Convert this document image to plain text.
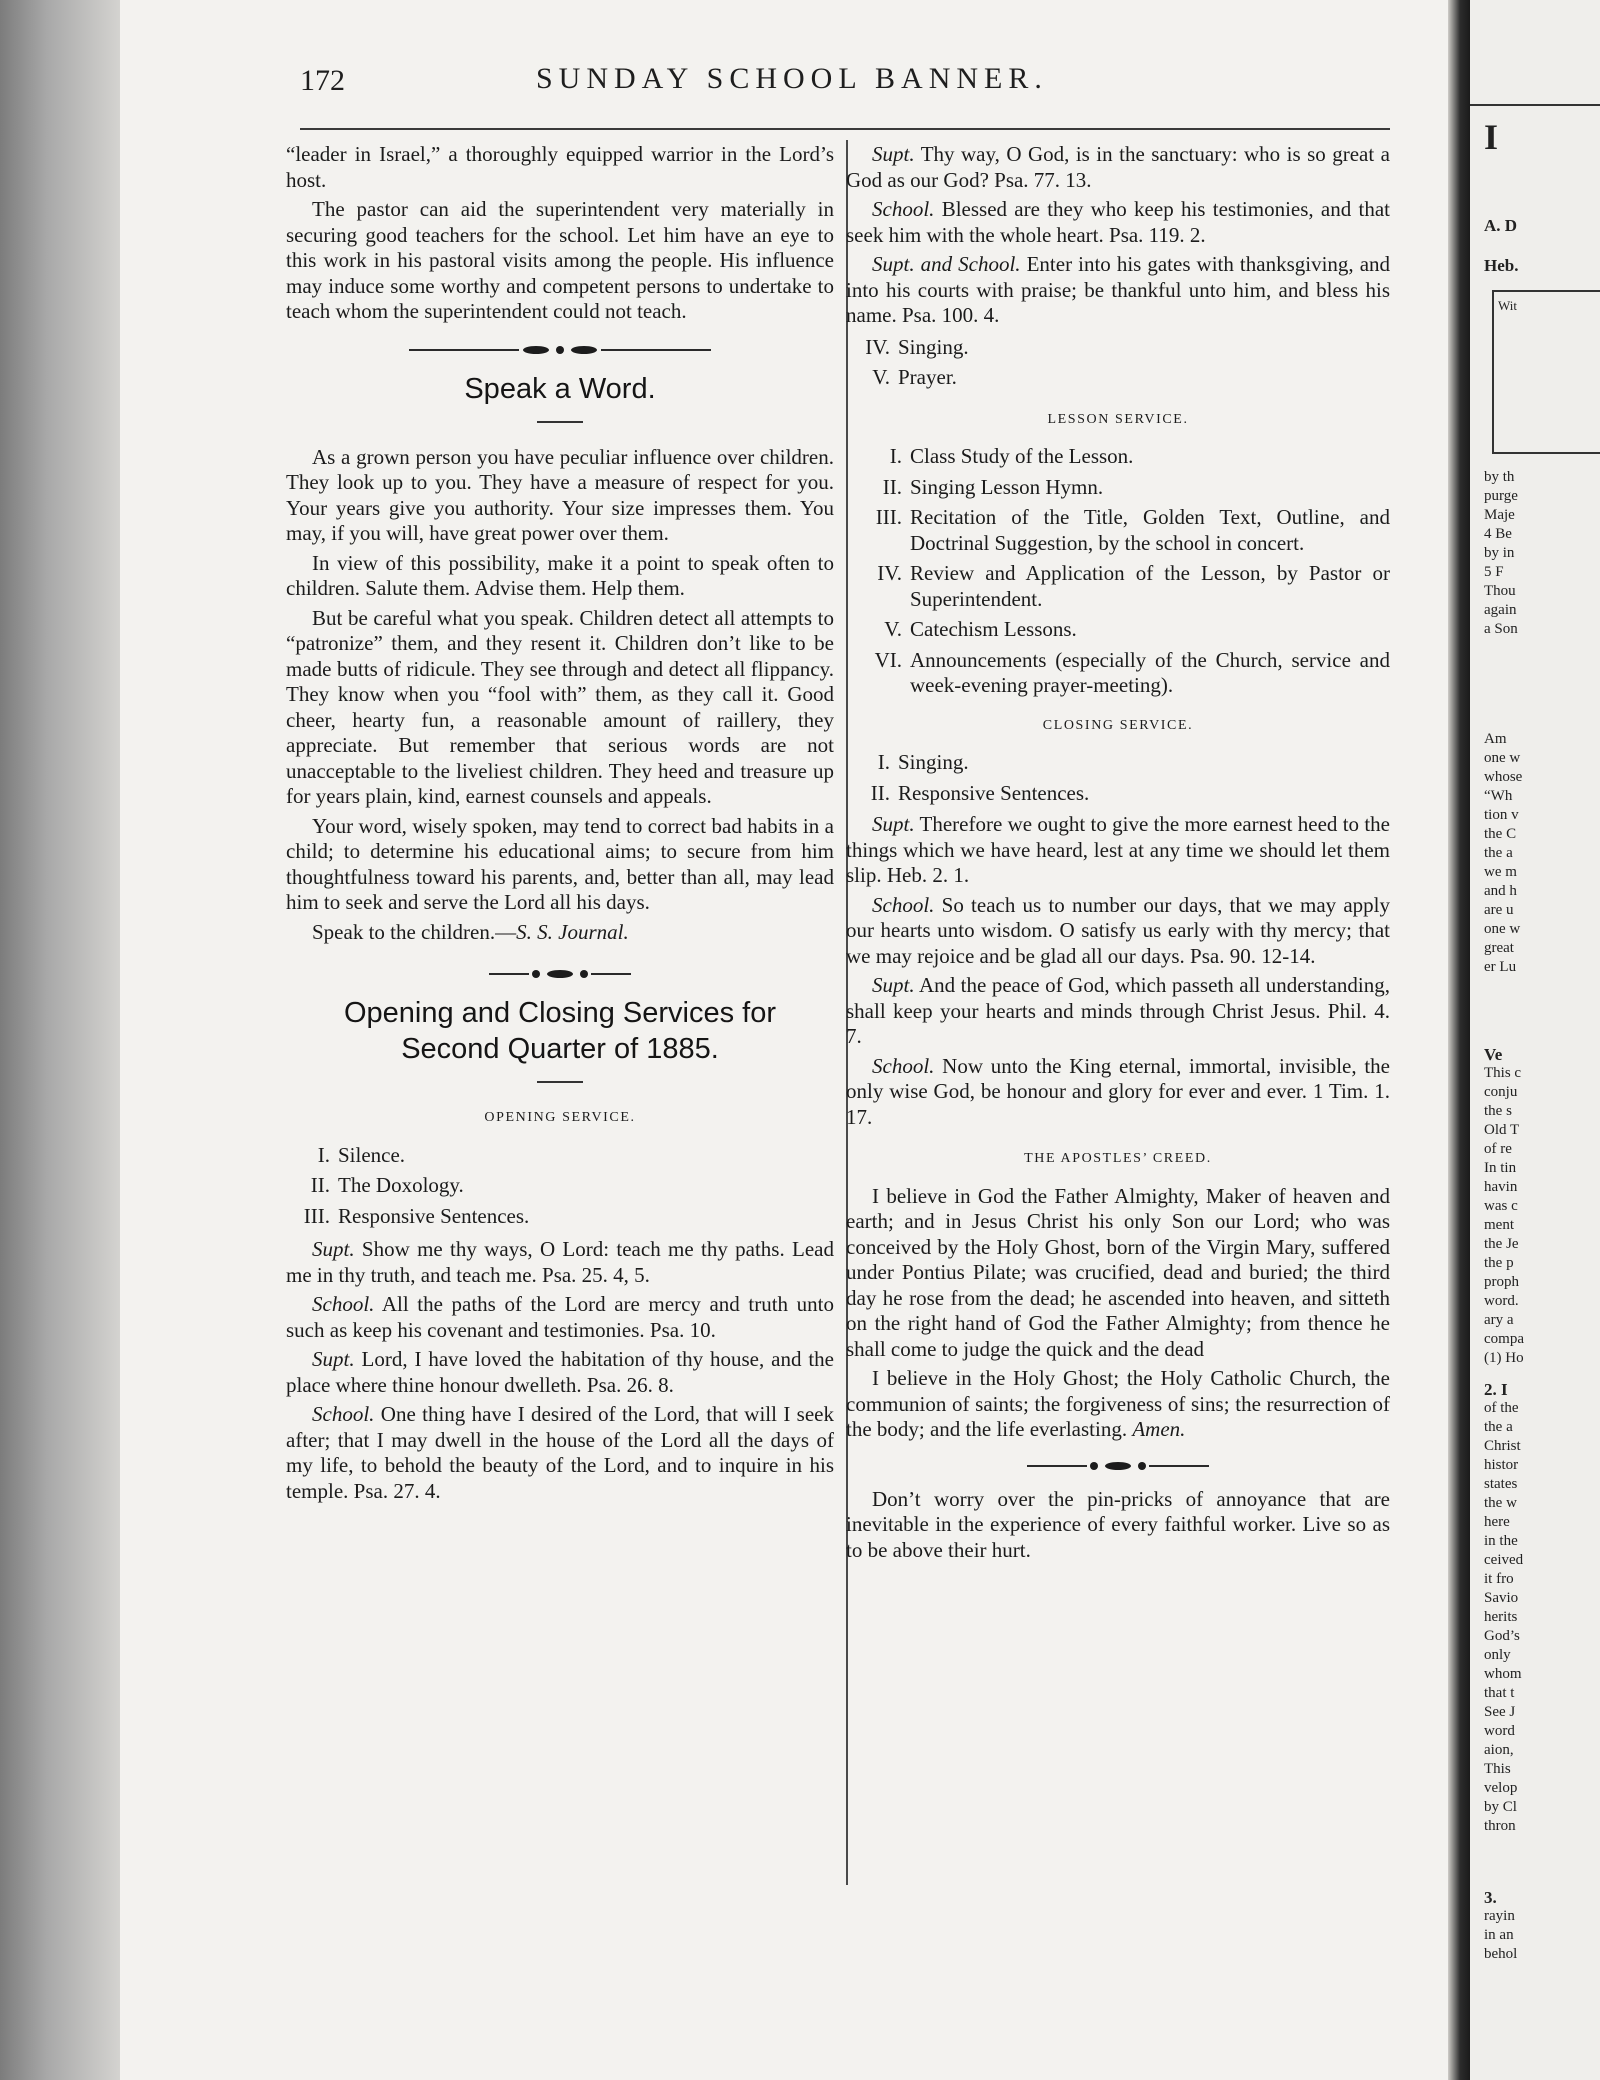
172	SUNDAY SCHOOL BANNER.

“leader in Israel,” a thoroughly equipped warrior in the Lord’s host.

The pastor can aid the superintendent very materially in securing good teachers for the school. Let him have an eye to this work in his pastoral visits among the people. His influence may induce some worthy and competent persons to undertake to teach whom the superintendent could not teach.

Speak a Word.

As a grown person you have peculiar influence over children. They look up to you. They have a measure of respect for you. Your years give you authority. Your size impresses them. You may, if you will, have great power over them.

In view of this possibility, make it a point to speak often to children. Salute them. Advise them. Help them.

But be careful what you speak. Children detect all attempts to “patronize” them, and they resent it. Children don’t like to be made butts of ridicule. They see through and detect all flippancy. They know when you “fool with” them, as they call it. Good cheer, hearty fun, a reasonable amount of raillery, they appreciate. But remember that serious words are not unacceptable to the liveliest children. They heed and treasure up for years plain, kind, earnest counsels and appeals.

Your word, wisely spoken, may tend to correct bad habits in a child; to determine his educational aims; to secure from him thoughtfulness toward his parents, and, better than all, may lead him to seek and serve the Lord all his days.

Speak to the children.—S. S. Journal.

Opening and Closing Services for
Second Quarter of 1885.
OPENING SERVICE.
I. Silence.
II. The Doxology.
III. Responsive Sentences.

Supt. Show me thy ways, O Lord: teach me thy paths. Lead me in thy truth, and teach me. Psa. 25. 4, 5.

School. All the paths of the Lord are mercy and truth unto such as keep his covenant and testimonies. Psa. 10.

Supt. Lord, I have loved the habitation of thy house, and the place where thine honour dwelleth. Psa. 26. 8.

School. One thing have I desired of the Lord, that will I seek after; that I may dwell in the house of the Lord all the days of my life, to behold the beauty of the Lord, and to inquire in his temple. Psa. 27. 4.

Supt. Thy way, O God, is in the sanctuary: who is so great a God as our God? Psa. 77. 13.

School. Blessed are they who keep his testimonies, and that seek him with the whole heart. Psa. 119. 2.

Supt. and School. Enter into his gates with thanksgiving, and into his courts with praise; be thankful unto him, and bless his name. Psa. 100. 4.

IV. Singing.
V. Prayer.
LESSON SERVICE.
I. Class Study of the Lesson.
II. Singing Lesson Hymn.
III. Recitation of the Title, Golden Text, Outline, and Doctrinal Suggestion, by the school in concert.
IV. Review and Application of the Lesson, by Pastor or Superintendent.
V. Catechism Lessons.
VI. Announcements (especially of the Church, service and week-evening prayer-meeting).
CLOSING SERVICE.
I. Singing.
II. Responsive Sentences.

Supt. Therefore we ought to give the more earnest heed to the things which we have heard, lest at any time we should let them slip. Heb. 2. 1.

School. So teach us to number our days, that we may apply our hearts unto wisdom. O satisfy us early with thy mercy; that we may rejoice and be glad all our days. Psa. 90. 12-14.

Supt. And the peace of God, which passeth all understanding, shall keep your hearts and minds through Christ Jesus. Phil. 4. 7.

School. Now unto the King eternal, immortal, invisible, the only wise God, be honour and glory for ever and ever. 1 Tim. 1. 17.

THE APOSTLES’ CREED.

I believe in God the Father Almighty, Maker of heaven and earth; and in Jesus Christ his only Son our Lord; who was conceived by the Holy Ghost, born of the Virgin Mary, suffered under Pontius Pilate; was crucified, dead and buried; the third day he rose from the dead; he ascended into heaven, and sitteth on the right hand of God the Father Almighty; from thence he shall come to judge the quick and the dead

I believe in the Holy Ghost; the Holy Catholic Church, the communion of saints; the forgiveness of sins; the resurrection of the body; and the life everlasting. Amen.

Don’t worry over the pin-pricks of annoyance that are inevitable in the experience of every faithful worker. Live so as to be above their hurt.

I
A. D
Heb.
Wit
by th
purge
Maje
4 Be
by in
5 F
Thou
again
a Son
Am
one w
whose
“Wh
tion v
the C
the a
we m
and h
are u
one w
great
er Lu
Ve
This c
conju
the s
Old T
of re
In tin
havin
was c
ment
the Je
the p
proph
word.
ary a
compa
(1) Ho
2. I
of the
the a
Christ
histor
states
the w
here
in the
ceived
it fro
Savio
herits
God’s
only
whom
that t
See J
word
aion,
This
velop
by Cl
thron
3.
rayin
in an
behol
